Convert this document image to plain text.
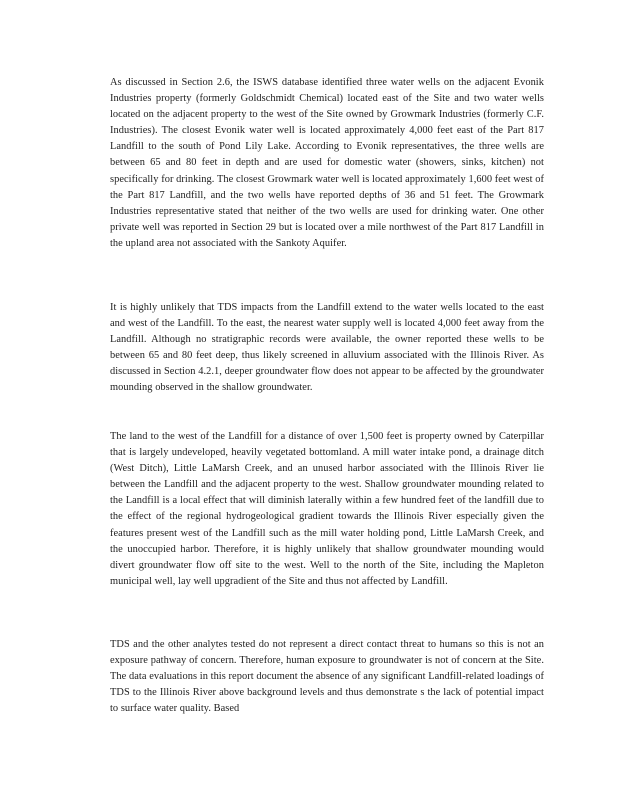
As discussed in Section 2.6, the ISWS database identified three water wells on the adjacent Evonik Industries property (formerly Goldschmidt Chemical) located east of the Site and two water wells located on the adjacent property to the west of the Site owned by Growmark Industries (formerly C.F. Industries). The closest Evonik water well is located approximately 4,000 feet east of the Part 817 Landfill to the south of Pond Lily Lake. According to Evonik representatives, the three wells are between 65 and 80 feet in depth and are used for domestic water (showers, sinks, kitchen) not specifically for drinking. The closest Growmark water well is located approximately 1,600 feet west of the Part 817 Landfill, and the two wells have reported depths of 36 and 51 feet. The Growmark Industries representative stated that neither of the two wells are used for drinking water. One other private well was reported in Section 29 but is located over a mile northwest of the Part 817 Landfill in the upland area not associated with the Sankoty Aquifer.

It is highly unlikely that TDS impacts from the Landfill extend to the water wells located to the east and west of the Landfill. To the east, the nearest water supply well is located 4,000 feet away from the Landfill. Although no stratigraphic records were available, the owner reported these wells to be between 65 and 80 feet deep, thus likely screened in alluvium associated with the Illinois River. As discussed in Section 4.2.1, deeper groundwater flow does not appear to be affected by the groundwater mounding observed in the shallow groundwater.

The land to the west of the Landfill for a distance of over 1,500 feet is property owned by Caterpillar that is largely undeveloped, heavily vegetated bottomland. A mill water intake pond, a drainage ditch (West Ditch), Little LaMarsh Creek, and an unused harbor associated with the Illinois River lie between the Landfill and the adjacent property to the west. Shallow groundwater mounding related to the Landfill is a local effect that will diminish laterally within a few hundred feet of the landfill due to the effect of the regional hydrogeological gradient towards the Illinois River especially given the features present west of the Landfill such as the mill water holding pond, Little LaMarsh Creek, and the unoccupied harbor. Therefore, it is highly unlikely that shallow groundwater mounding would divert groundwater flow off site to the west. Well to the north of the Site, including the Mapleton municipal well, lay well upgradient of the Site and thus not affected by Landfill.

TDS and the other analytes tested do not represent a direct contact threat to humans so this is not an exposure pathway of concern. Therefore, human exposure to groundwater is not of concern at the Site. The data evaluations in this report document the absence of any significant Landfill-related loadings of TDS to the Illinois River above background levels and thus demonstrate s the lack of potential impact to surface water quality. Based
